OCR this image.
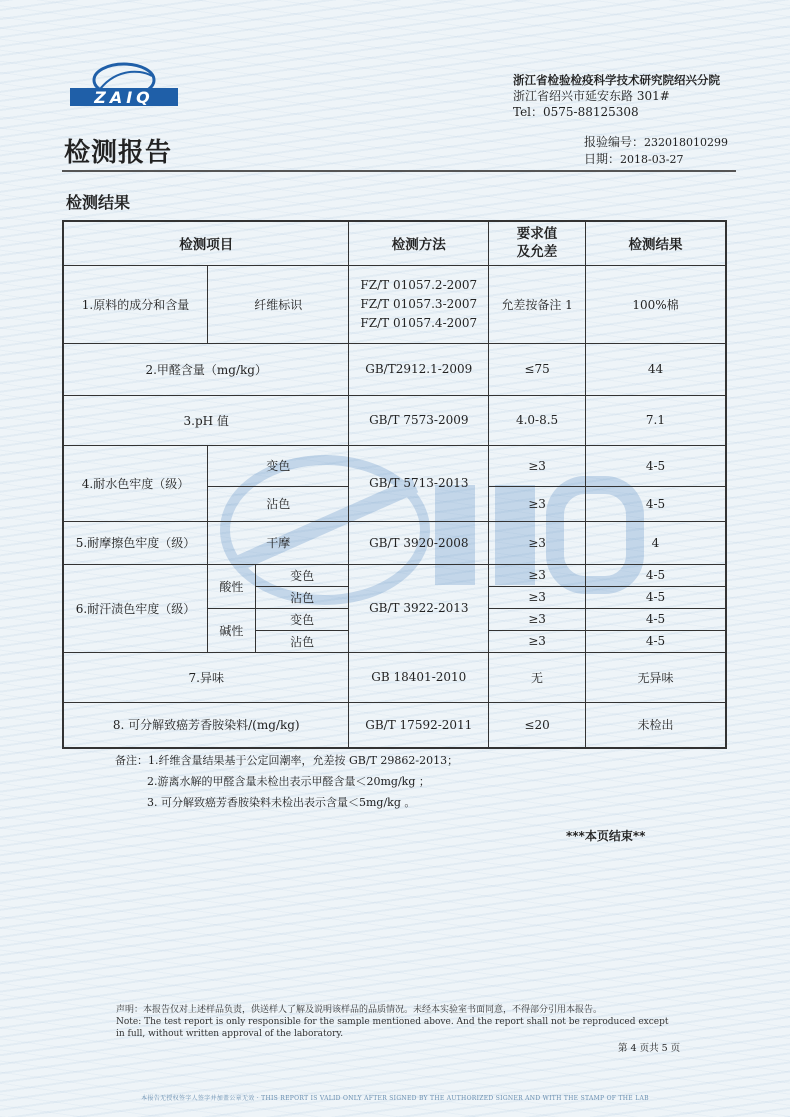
ZAIQ
浙江省检验检疫科学技术研究院绍兴分院
浙江省绍兴市延安东路 301#
Tel：0575-88125308
检测报告	报验编号：232018010299
日期：2018-03-27
检测结果
检测项目			检测方法	要求值及允差	检测结果
1.原料的成分和含量	纤维标识		FZ/T 01057.2-2007
FZ/T 01057.3-2007
FZ/T 01057.4-2007	允差按备注 1	100%棉
2.甲醛含量（mg/kg）			GB/T2912.1-2009	≤75	44
3.pH 值			GB/T 7573-2009	4.0-8.5	7.1
4.耐水色牢度（级）	变色		GB/T 5713-2013	≥3	4-5
	沾色			≥3	4-5
5.耐摩擦色牢度（级）	干摩		GB/T 3920-2008	≥3	4
6.耐汗渍色牢度（级）	酸性	变色	GB/T 3922-2013	≥3	4-5
		沾色		≥3	4-5
	碱性	变色		≥3	4-5
		沾色		≥3	4-5
7.异味			GB 18401-2010	无	无异味
8. 可分解致癌芳香胺染料/(mg/kg)			GB/T 17592-2011	≤20	未检出
备注：1.纤维含量结果基于公定回潮率，允差按 GB/T 29862-2013；
2.游离水解的甲醛含量未检出表示甲醛含量＜20mg/kg ；
3. 可分解致癌芳香胺染料未检出表示含量＜5mg/kg 。
***本页结束**
声明：本报告仅对上述样品负责，供送样人了解及说明该样品的品质情况。未经本实验室书面同意，不得部分引用本报告。
Note: The test report is only responsible for the sample mentioned above. And the report shall not be reproduced except in full, without written approval of the laboratory.
第 4 页共 5 页
本报告无授权签字人签字并加盖公章无效 · THIS REPORT IS VALID ONLY AFTER SIGNED BY THE AUTHORIZED SIGNER AND WITH THE STAMP OF THE LAB
